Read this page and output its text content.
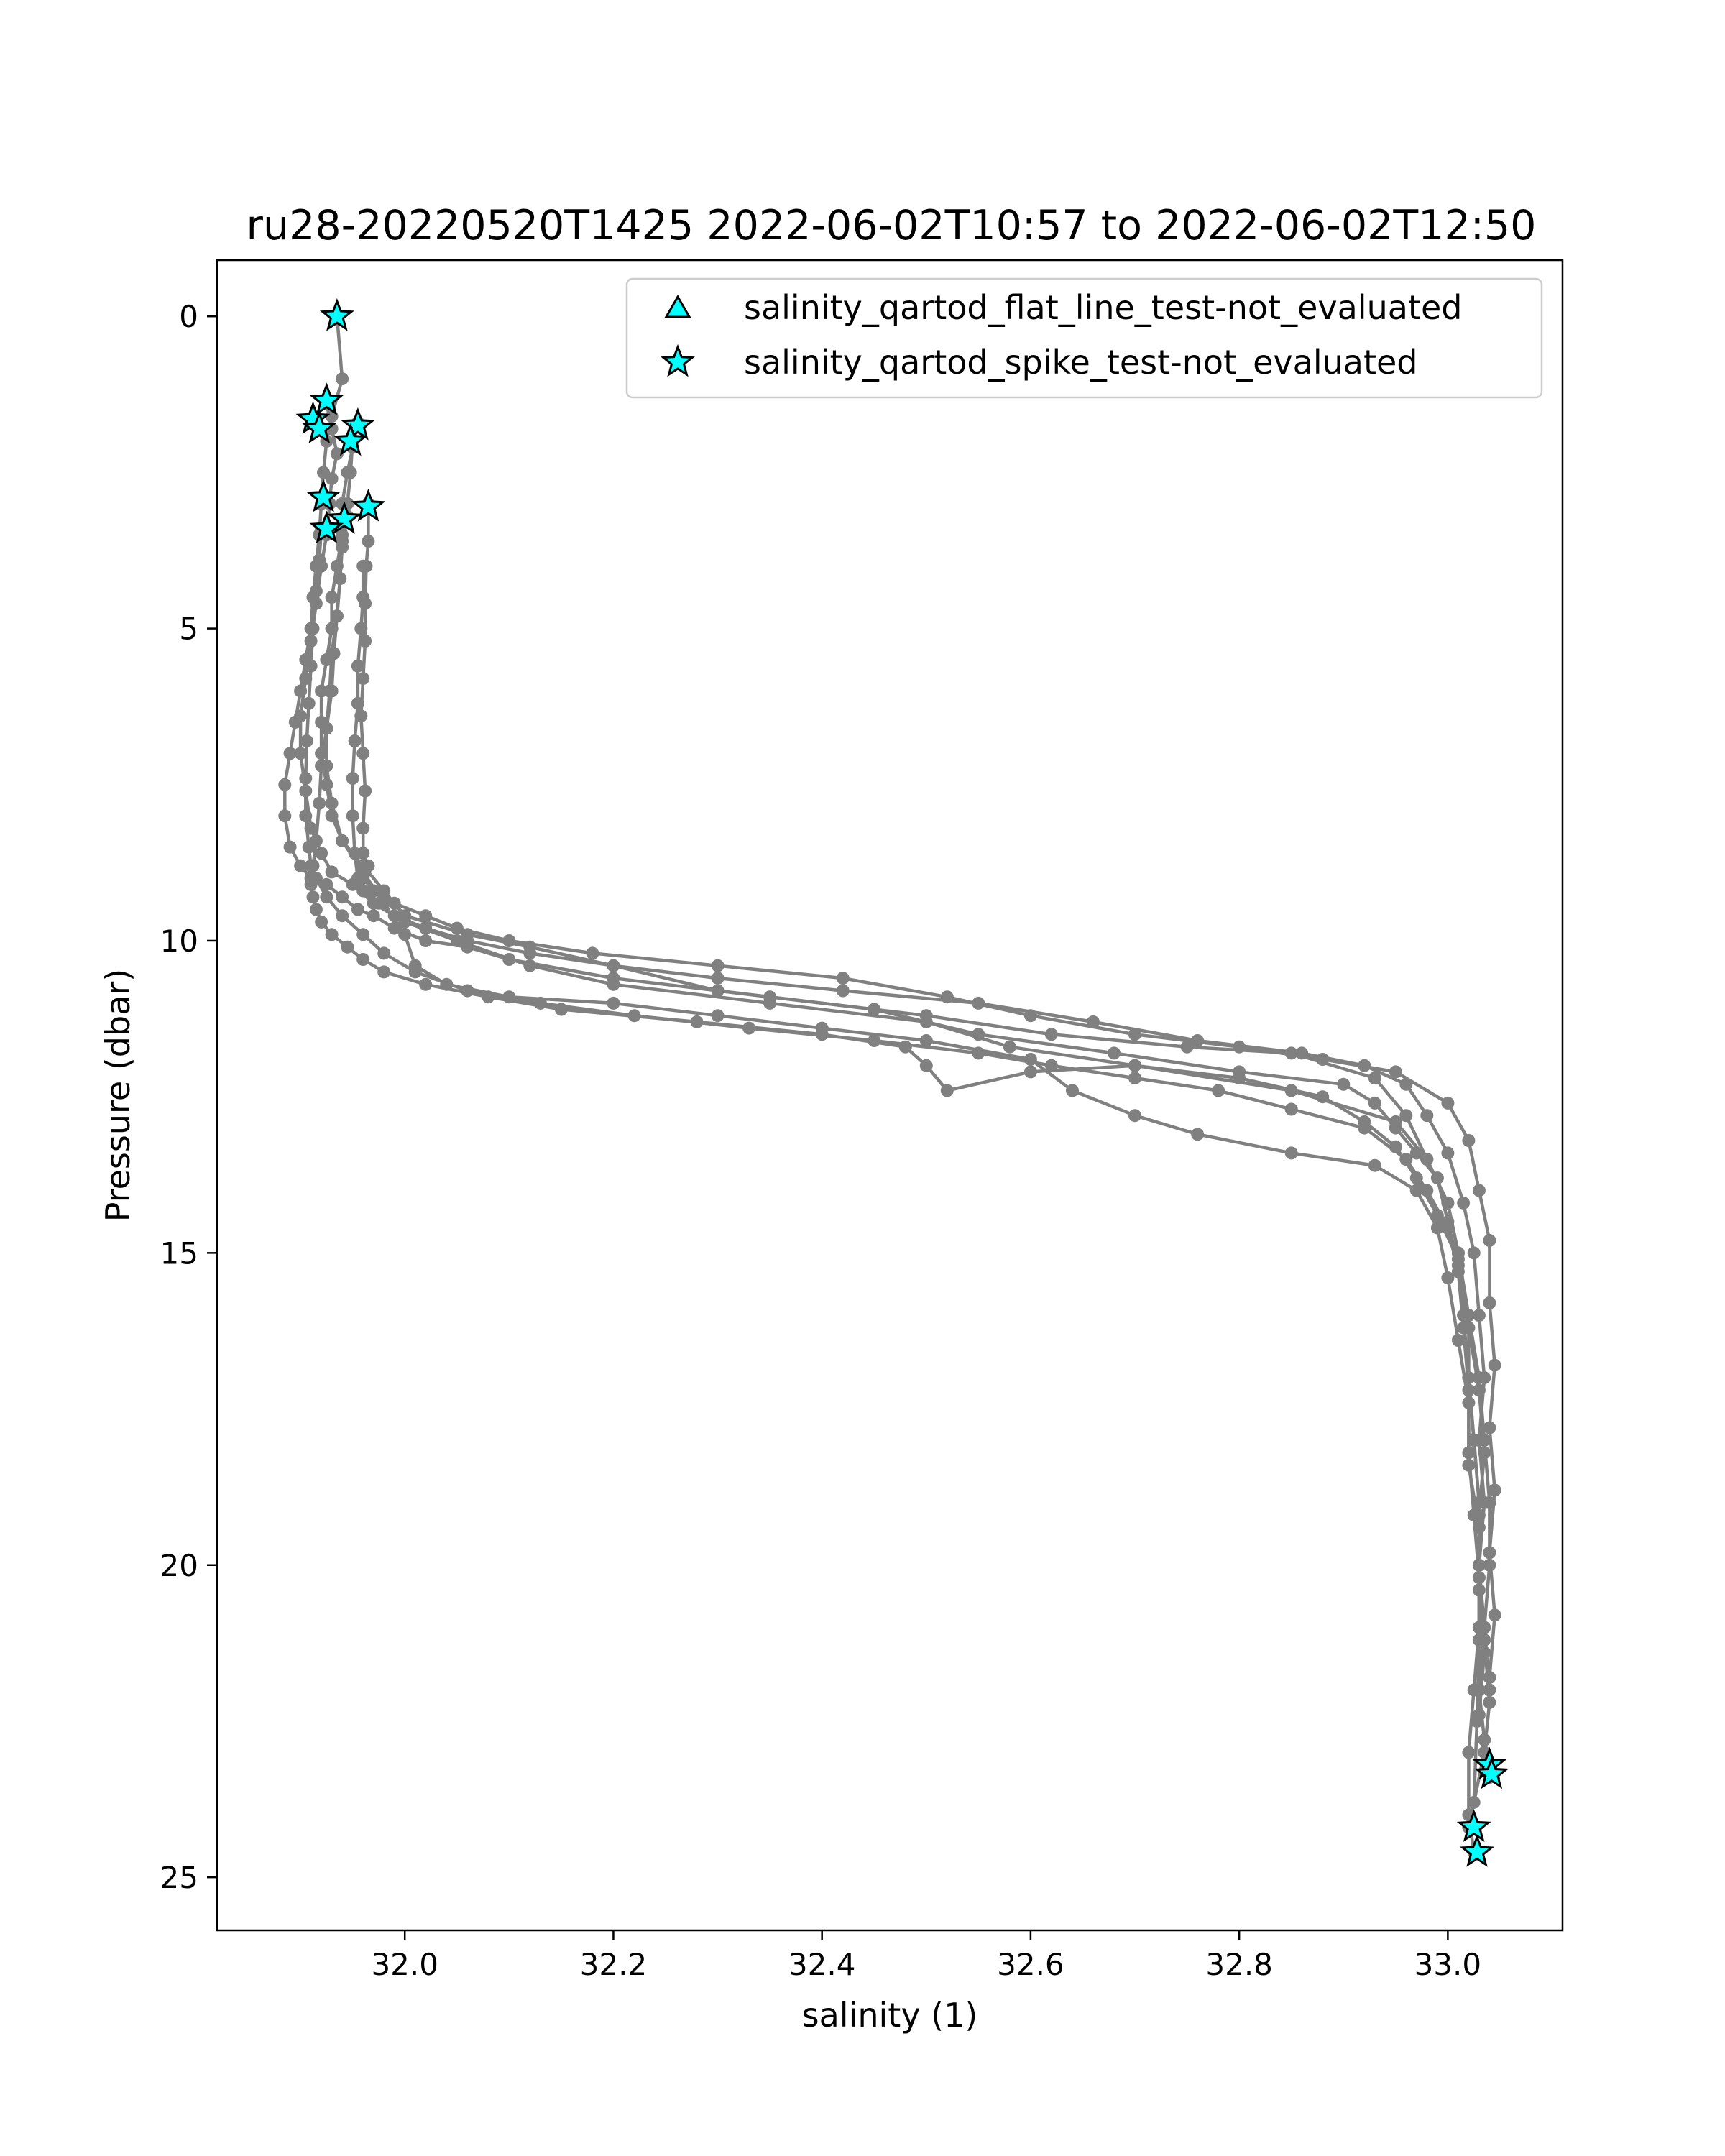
ru28-20220520T1425 2022-06-02T10:57 to 2022-06-02T12:50
32.0	32.2	32.4	32.6	32.8	33.0
0
5
10
15
20
25
salinity (1)
Pressure (dbar)
salinity_qartod_flat_line_test-not_evaluated
salinity_qartod_spike_test-not_evaluated
